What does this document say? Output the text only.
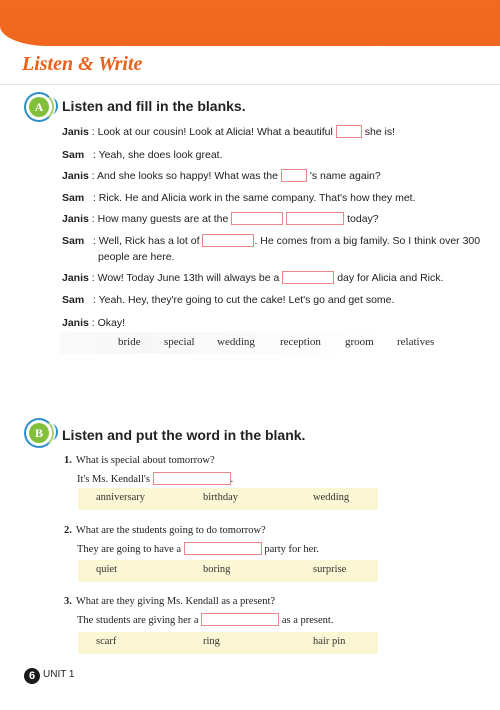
Listen & Write
A	Listen and fill in the blanks.
Janis : Look at our cousin! Look at Alicia! What a beautiful	she is!
Sam : Yeah, she does look great.
Janis : And she looks so happy! What was the	's name again?
Sam : Rick. He and Alicia work in the same company. That's how they met.
Janis : How many guests are at the	today?
Sam : Well, Rick has a lot of	. He comes from a big family. So I think over 300
people are here.
Janis : Wow! Today June 13th will always be a	day for Alicia and Rick.
Sam : Yeah. Hey, they're going to cut the cake! Let's go and get some.
Janis : Okay!
bride special wedding reception groom relatives
B	Listen and put the word in the blank.
1. What is special about tomorrow?
It's Ms. Kendall's	.
anniversary	birthday	wedding
2. What are the students going to do tomorrow?
They are going to have a	party for her.
quiet	boring	surprise
3. What are they giving Ms. Kendall as a present?
The students are giving her a	as a present.
scarf	ring	hair pin
6 UNIT 1
